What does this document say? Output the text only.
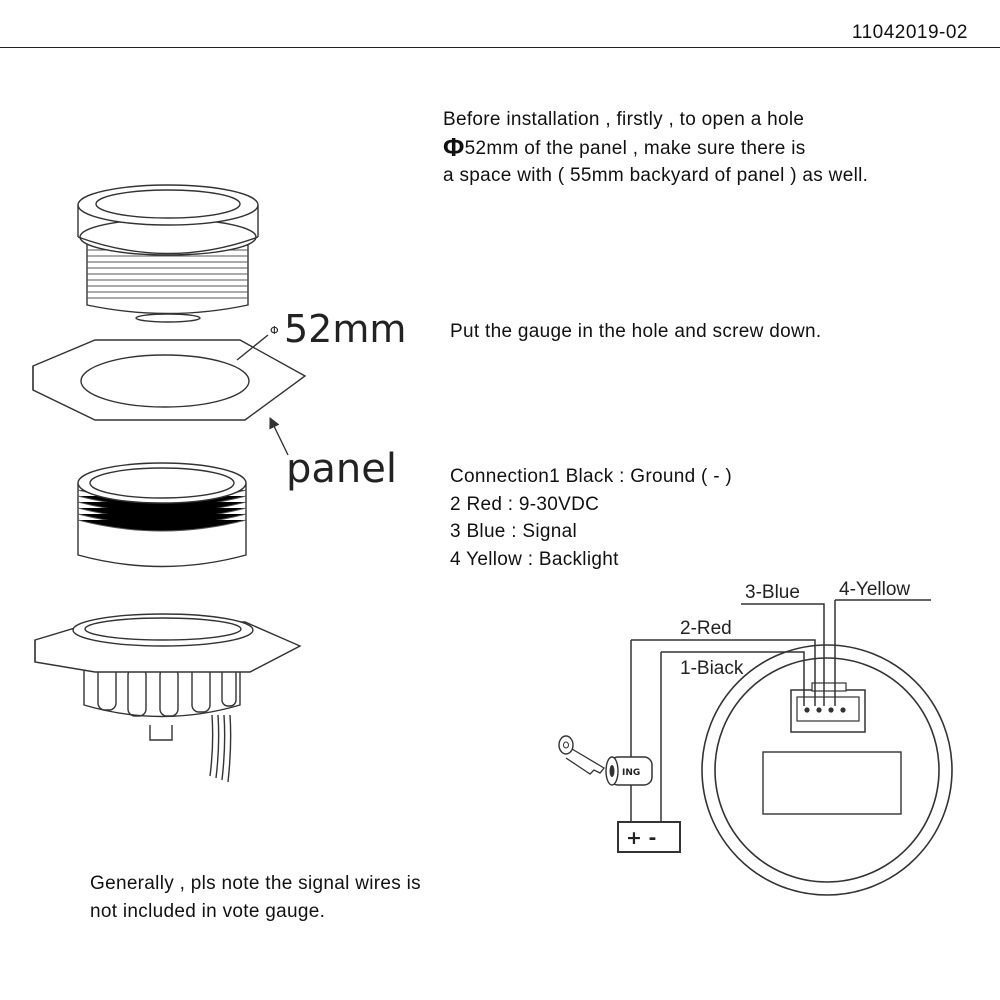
11042019-02
Before installation , firstly , to open a hole
Φ52mm of the panel , make sure there is
a space with ( 55mm backyard of panel ) as well.
Put the gauge in the hole and screw down.
Connection1 Black : Ground ( - )
2 Red : 9-30VDC
3 Blue : Signal
4 Yellow : Backlight
Generally , pls note the signal wires is
not included in vote gauge.
Φ 52mm
panel
+ -
ING
3-Blue 4-Yellow
2-Red
1-Biack
